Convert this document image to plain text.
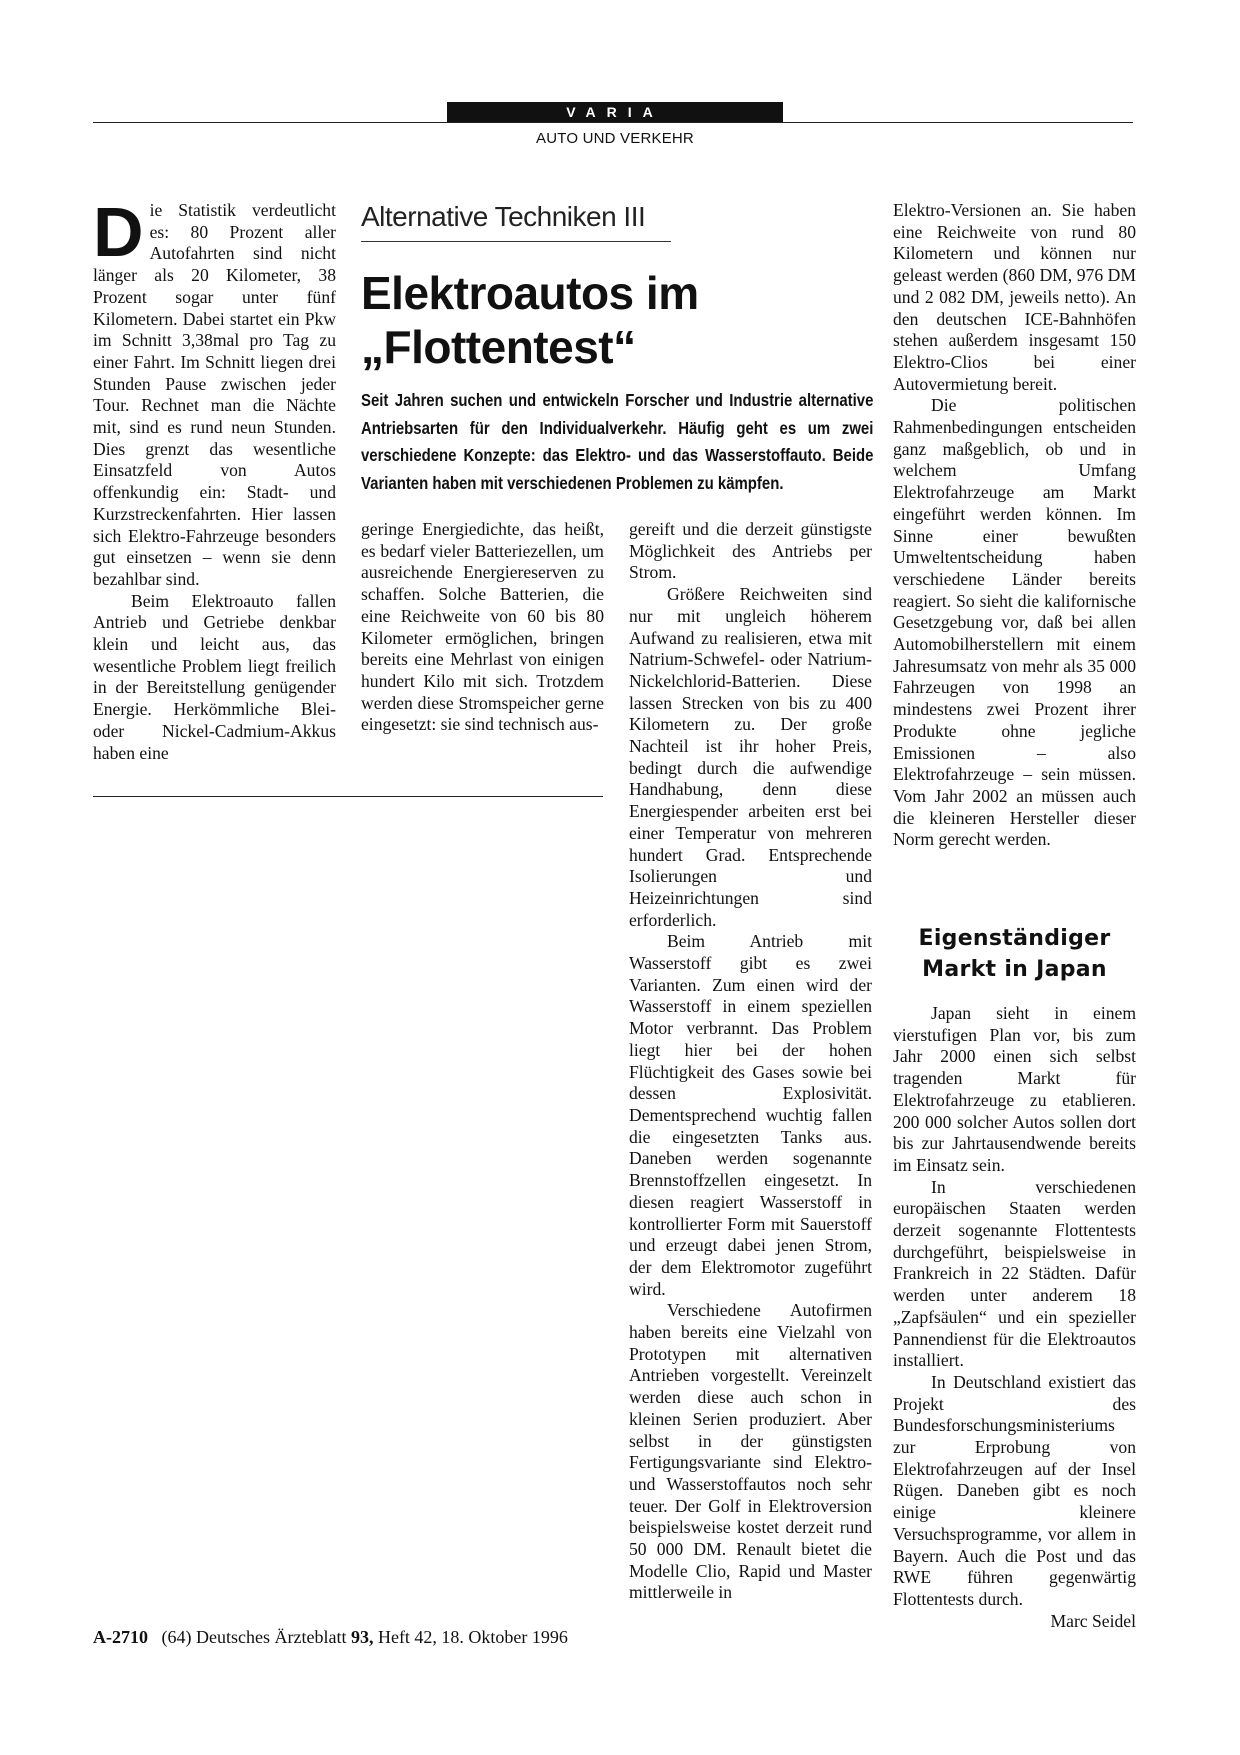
VARIA
AUTO UND VERKEHR

Die Statistik verdeutlicht es: 80 Prozent aller Autofahrten sind nicht länger als 20 Kilometer, 38 Prozent sogar unter fünf Kilometern. Dabei startet ein Pkw im Schnitt 3,38mal pro Tag zu einer Fahrt. Im Schnitt liegen drei Stunden Pause zwischen jeder Tour. Rechnet man die Nächte mit, sind es rund neun Stunden. Dies grenzt das wesentliche Einsatzfeld von Autos offenkundig ein: Stadt- und Kurzstreckenfahrten. Hier lassen sich Elektro-Fahrzeuge besonders gut einsetzen – wenn sie denn bezahlbar sind.

Beim Elektroauto fallen Antrieb und Getriebe denkbar klein und leicht aus, das wesentliche Problem liegt freilich in der Bereitstellung genügender Energie. Herkömmliche Blei- oder Nickel-Cadmium-Akkus haben eine

Alternative Techniken III
Elektroautos im
„Flottentest“
Seit Jahren suchen und entwickeln Forscher und Industrie alternative Antriebsarten für den Individualverkehr. Häufig geht es um zwei verschiedene Konzepte: das Elektro- und das Wasserstoffauto. Beide Varianten haben mit verschiedenen Problemen zu kämpfen.

geringe Energiedichte, das heißt, es bedarf vieler Batteriezellen, um ausreichende Energiereserven zu schaffen. Solche Batterien, die eine Reichweite von 60 bis 80 Kilometer ermöglichen, bringen bereits eine Mehrlast von einigen hundert Kilo mit sich. Trotzdem werden diese Stromspeicher gerne eingesetzt: sie sind technisch aus-

gereift und die derzeit günstigste Möglichkeit des Antriebs per Strom.

Größere Reichweiten sind nur mit ungleich höherem Aufwand zu realisieren, etwa mit Natrium-Schwefel- oder Natrium-Nickelchlorid-Batterien. Diese lassen Strecken von bis zu 400 Kilometern zu. Der große Nachteil ist ihr hoher Preis, bedingt durch die aufwendige Handhabung, denn diese Energiespender arbeiten erst bei einer Temperatur von mehreren hundert Grad. Entsprechende Isolierungen und Heizeinrichtungen sind erforderlich.

Beim Antrieb mit Wasserstoff gibt es zwei Varianten. Zum einen wird der Wasserstoff in einem speziellen Motor verbrannt. Das Problem liegt hier bei der hohen Flüchtigkeit des Gases sowie bei dessen Explosivität. Dementsprechend wuchtig fallen die eingesetzten Tanks aus. Daneben werden sogenannte Brennstoffzellen eingesetzt. In diesen reagiert Wasserstoff in kontrollierter Form mit Sauerstoff und erzeugt dabei jenen Strom, der dem Elektromotor zugeführt wird.

Verschiedene Autofirmen haben bereits eine Vielzahl von Prototypen mit alternativen Antrieben vorgestellt. Vereinzelt werden diese auch schon in kleinen Serien produziert. Aber selbst in der günstigsten Fertigungsvariante sind Elektro- und Wasserstoffautos noch sehr teuer. Der Golf in Elektroversion beispielsweise kostet derzeit rund 50 000 DM. Renault bietet die Modelle Clio, Rapid und Master mittlerweile in

Elektro-Versionen an. Sie haben eine Reichweite von rund 80 Kilometern und können nur geleast werden (860 DM, 976 DM und 2 082 DM, jeweils netto). An den deutschen ICE-Bahnhöfen stehen außerdem insgesamt 150 Elektro-Clios bei einer Autovermietung bereit.

Die politischen Rahmenbedingungen entscheiden ganz maßgeblich, ob und in welchem Umfang Elektrofahrzeuge am Markt eingeführt werden können. Im Sinne einer bewußten Umweltentscheidung haben verschiedene Länder bereits reagiert. So sieht die kalifornische Gesetzgebung vor, daß bei allen Automobilherstellern mit einem Jahresumsatz von mehr als 35 000 Fahrzeugen von 1998 an mindestens zwei Prozent ihrer Produkte ohne jegliche Emissionen – also Elektrofahrzeuge – sein müssen. Vom Jahr 2002 an müssen auch die kleineren Hersteller dieser Norm gerecht werden.

Eigenständiger
Markt in Japan

Japan sieht in einem vierstufigen Plan vor, bis zum Jahr 2000 einen sich selbst tragenden Markt für Elektrofahrzeuge zu etablieren. 200 000 solcher Autos sollen dort bis zur Jahrtausendwende bereits im Einsatz sein.

In verschiedenen europäischen Staaten werden derzeit sogenannte Flottentests durchgeführt, beispielsweise in Frankreich in 22 Städten. Dafür werden unter anderem 18 „Zapfsäulen“ und ein spezieller Pannendienst für die Elektroautos installiert.

In Deutschland existiert das Projekt des Bundesforschungsministeriums zur Erprobung von Elektrofahrzeugen auf der Insel Rügen. Daneben gibt es noch einige kleinere Versuchsprogramme, vor allem in Bayern. Auch die Post und das RWE führen gegenwärtig Flottentests durch.
Marc Seidel

A-2710 (64) Deutsches Ärzteblatt 93, Heft 42, 18. Oktober 1996
